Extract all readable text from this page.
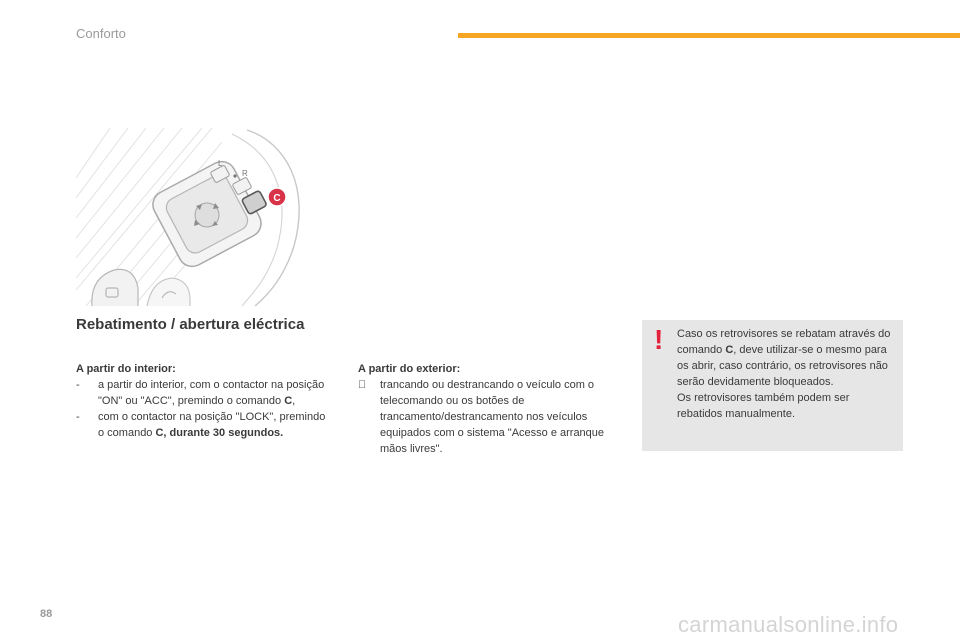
Conforto
L
R
C
Rebatimento / abertura eléctrica
A partir do interior:
- a partir do interior, com o contactor na posição "ON" ou "ACC", premindo o comando C,
- com o contactor na posição "LOCK", premindo o comando C, durante 30 segundos.
A partir do exterior:
trancando ou destrancando o veículo com o telecomando ou os botões de trancamento/destrancamento nos veículos equipados com o sistema "Acesso e arranque mãos livres".
! Caso os retrovisores se rebatam através do comando C, deve utilizar-se o mesmo para os abrir, caso contrário, os retrovisores não serão devidamente bloqueados.
Os retrovisores também podem ser rebatidos manualmente.
88	carmanualsonline.info
